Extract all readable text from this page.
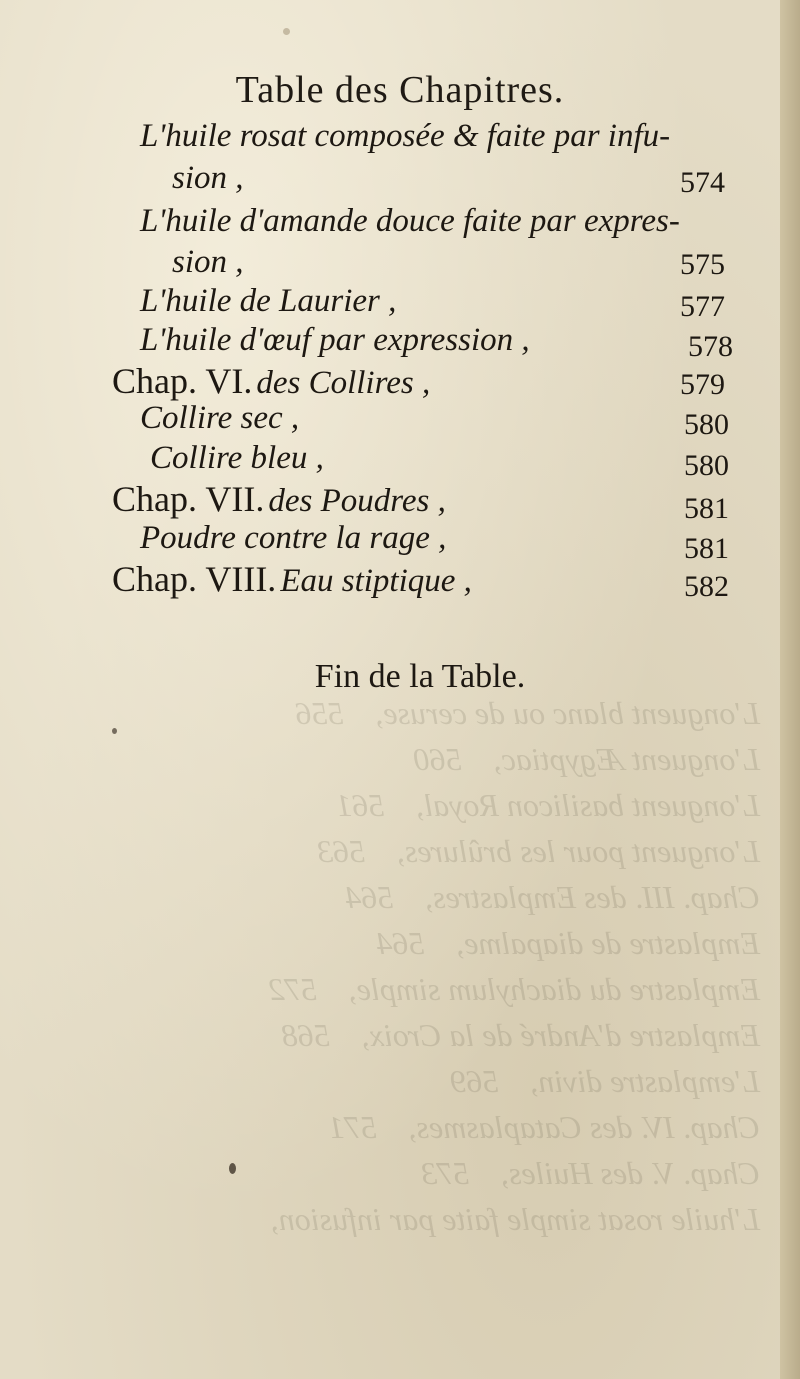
Table des Chapitres.
L'huile rosat composée & faite par infu-
sion ,	574
L'huile d'amande douce faite par expres-
sion ,	575
L'huile de Laurier ,	577
L'huile d'œuf par expression ,	578
Chap. VI. des Collires ,	579
Collire sec ,	580
Collire bleu ,	580
Chap. VII. des Poudres ,	581
Poudre contre la rage ,	581
Chap. VIII. Eau stiptique ,	582
Fin de la Table.
